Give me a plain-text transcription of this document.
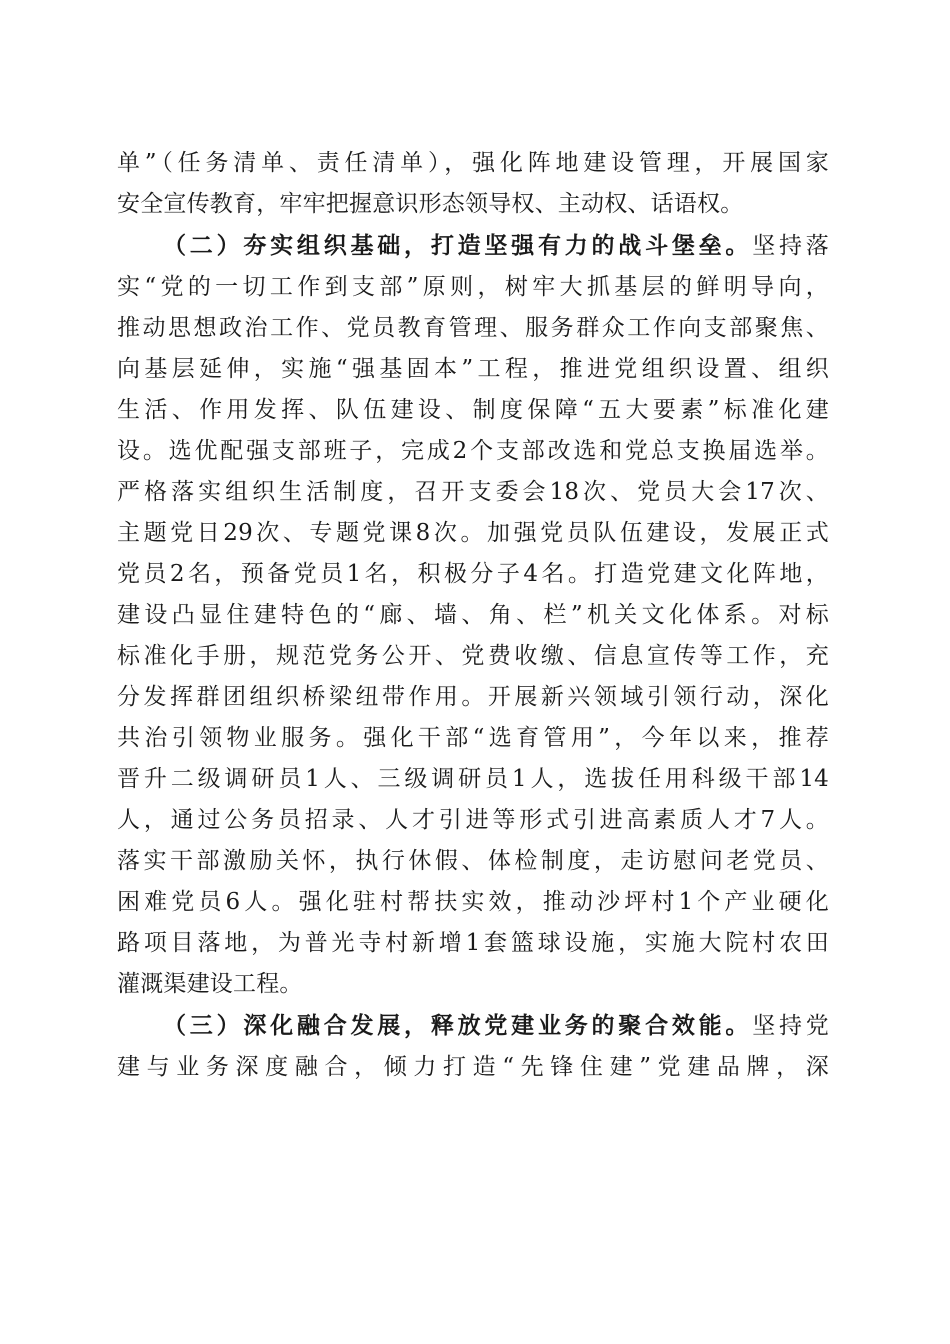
单”（任务清单、责任清单），强化阵地建设管理，开展国家
安全宣传教育，牢牢把握意识形态领导权、主动权、话语权。
（二）夯实组织基础，打造坚强有力的战斗堡垒。坚持落
实“党的一切工作到支部”原则，树牢大抓基层的鲜明导向，
推动思想政治工作、党员教育管理、服务群众工作向支部聚焦、
向基层延伸，实施“强基固本”工程，推进党组织设置、组织
生活、作用发挥、队伍建设、制度保障“五大要素”标准化建
设。选优配强支部班子，完成2个支部改选和党总支换届选举。
严格落实组织生活制度，召开支委会18次、党员大会17次、
主题党日29次、专题党课8次。加强党员队伍建设，发展正式
党员2名，预备党员1名，积极分子4名。打造党建文化阵地，
建设凸显住建特色的“廊、墙、角、栏”机关文化体系。对标
标准化手册，规范党务公开、党费收缴、信息宣传等工作，充
分发挥群团组织桥梁纽带作用。开展新兴领域引领行动，深化
共治引领物业服务。强化干部“选育管用”，今年以来，推荐
晋升二级调研员1人、三级调研员1人，选拔任用科级干部14
人，通过公务员招录、人才引进等形式引进高素质人才7人。
落实干部激励关怀，执行休假、体检制度，走访慰问老党员、
困难党员6人。强化驻村帮扶实效，推动沙坪村1个产业硬化
路项目落地，为普光寺村新增1套篮球设施，实施大院村农田
灌溉渠建设工程。
（三）深化融合发展，释放党建业务的聚合效能。坚持党
建与业务深度融合，倾力打造“先锋住建”党建品牌，深
